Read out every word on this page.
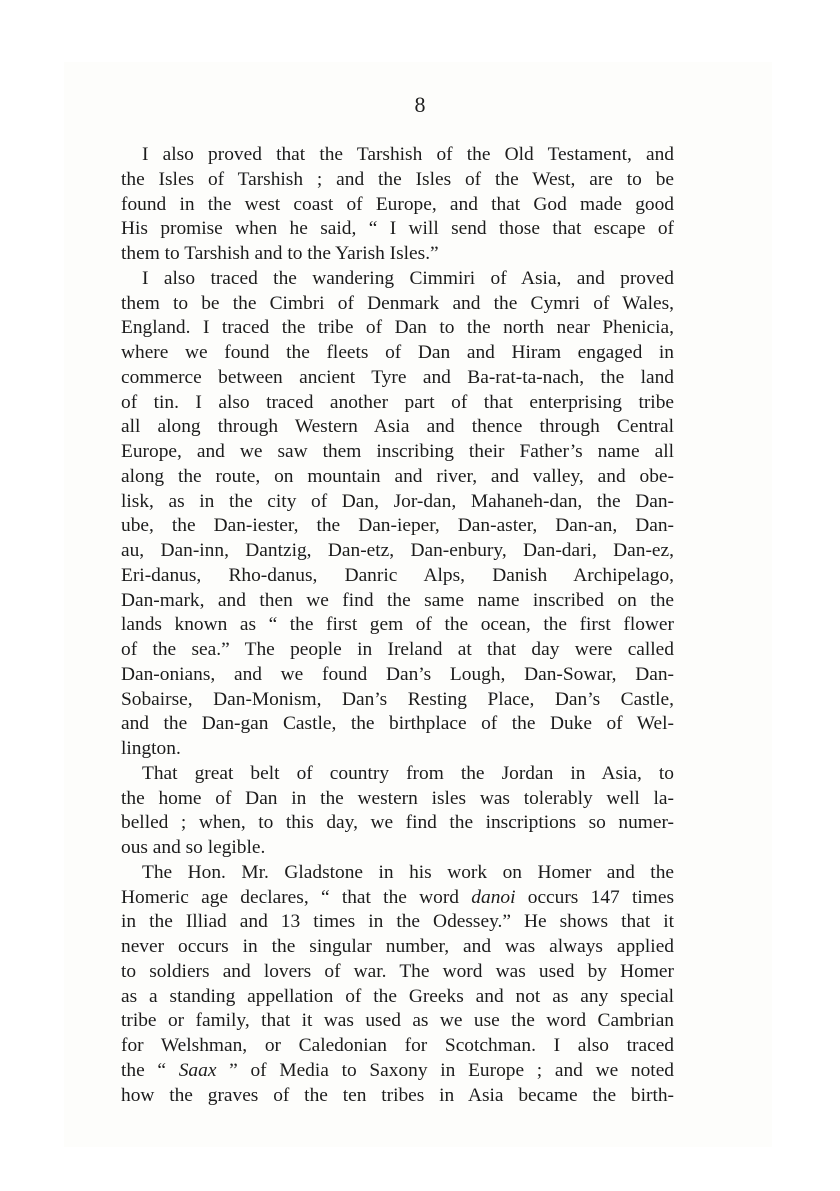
8
I also proved that the Tarshish of the Old Testament, and
the Isles of Tarshish ; and the Isles of the West, are to be
found in the west coast of Europe, and that God made good
His promise when he said, “ I will send those that escape of
them to Tarshish and to the Yarish Isles.”
I also traced the wandering Cimmiri of Asia, and proved
them to be the Cimbri of Denmark and the Cymri of Wales,
England. I traced the tribe of Dan to the north near Phenicia,
where we found the fleets of Dan and Hiram engaged in
commerce between ancient Tyre and Ba-rat-ta-nach, the land
of tin. I also traced another part of that enterprising tribe
all along through Western Asia and thence through Central
Europe, and we saw them inscribing their Father’s name all
along the route, on mountain and river, and valley, and obe-
lisk, as in the city of Dan, Jor-dan, Mahaneh-dan, the Dan-
ube, the Dan-iester, the Dan-ieper, Dan-aster, Dan-an, Dan-
au, Dan-inn, Dantzig, Dan-etz, Dan-enbury, Dan-dari, Dan-ez,
Eri-danus, Rho-danus, Danric Alps, Danish Archipelago,
Dan-mark, and then we find the same name inscribed on the
lands known as “ the first gem of the ocean, the first flower
of the sea.” The people in Ireland at that day were called
Dan-onians, and we found Dan’s Lough, Dan-Sowar, Dan-
Sobairse, Dan-Monism, Dan’s Resting Place, Dan’s Castle,
and the Dan-gan Castle, the birthplace of the Duke of Wel-
lington.
That great belt of country from the Jordan in Asia, to
the home of Dan in the western isles was tolerably well la-
belled ; when, to this day, we find the inscriptions so numer-
ous and so legible.
The Hon. Mr. Gladstone in his work on Homer and the
Homeric age declares, “ that the word danoi occurs 147 times
in the Illiad and 13 times in the Odessey.” He shows that it
never occurs in the singular number, and was always applied
to soldiers and lovers of war. The word was used by Homer
as a standing appellation of the Greeks and not as any special
tribe or family, that it was used as we use the word Cambrian
for Welshman, or Caledonian for Scotchman. I also traced
the “ Saax ” of Media to Saxony in Europe ; and we noted
how the graves of the ten tribes in Asia became the birth-
